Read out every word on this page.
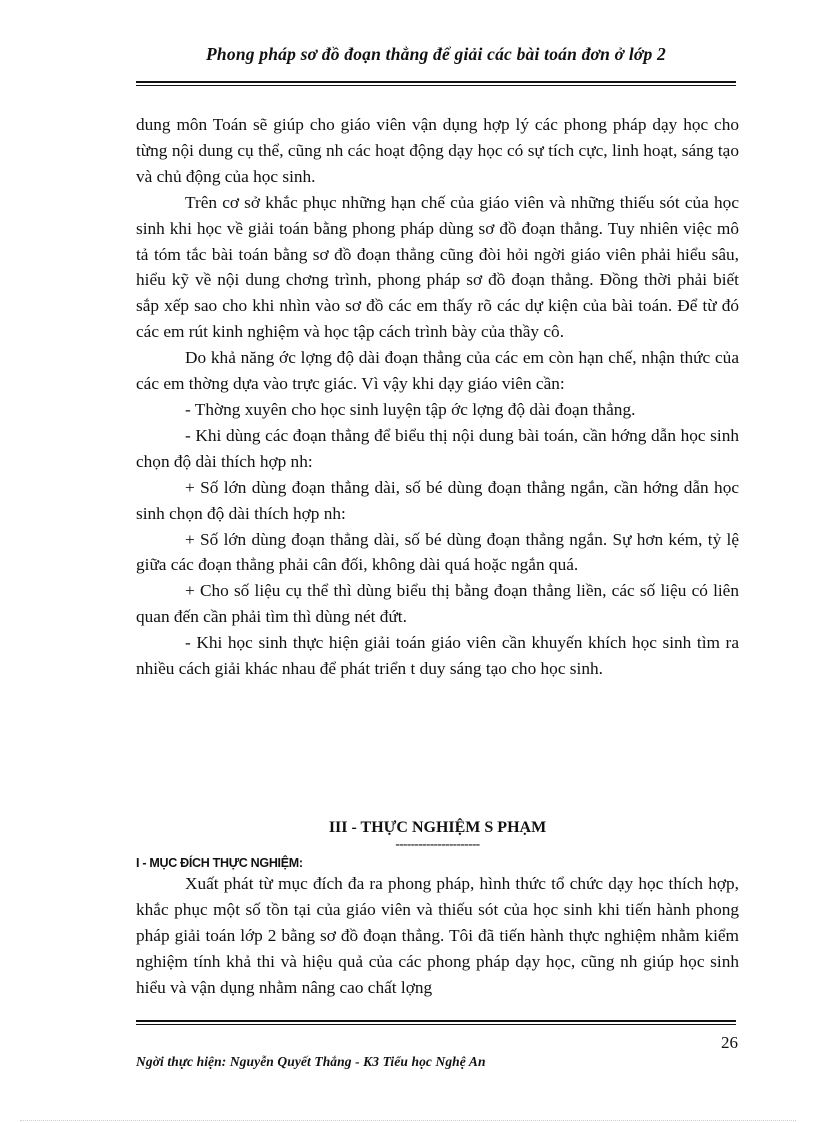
Phong pháp sơ đồ đoạn thẳng để giải các bài toán đơn ở lớp 2

dung môn Toán sẽ giúp cho giáo viên vận dụng hợp lý các phong pháp dạy học cho từng nội dung cụ thể, cũng nh các hoạt động dạy học có sự tích cực, linh hoạt, sáng tạo và chủ động của học sinh.

Trên cơ sở khắc phục những hạn chế của giáo viên và những thiếu sót của học sinh khi học về giải toán bằng phong pháp dùng sơ đồ đoạn thẳng. Tuy nhiên việc mô tả tóm tắc bài toán bằng sơ đồ đoạn thẳng cũng đòi hỏi ngời giáo viên phải hiểu sâu, hiểu kỹ về nội dung chơng trình, phong pháp sơ đồ đoạn thẳng. Đồng thời phải biết sắp xếp sao cho khi nhìn vào sơ đồ các em thấy rõ các dự kiện của bài toán. Để từ đó các em rút kinh nghiệm và học tập cách trình bày của thầy cô.

Do khả năng ớc lợng độ dài đoạn thẳng của các em còn hạn chế, nhận thức của các em thờng dựa vào trực giác. Vì vậy khi dạy giáo viên cần:

- Thờng xuyên cho học sinh luyện tập ớc lợng độ dài đoạn thẳng.

- Khi dùng các đoạn thẳng để biểu thị nội dung bài toán, cần hớng dẫn học sinh chọn độ dài thích hợp nh:

+ Số lớn dùng đoạn thẳng dài, số bé dùng đoạn thẳng ngắn, cần hớng dẫn học sinh chọn độ dài thích hợp nh:

+ Số lớn dùng đoạn thẳng dài, số bé dùng đoạn thẳng ngắn. Sự hơn kém, tỷ lệ giữa các đoạn thẳng phải cân đối, không dài quá hoặc ngắn quá.

+ Cho số liệu cụ thể thì dùng biểu thị bằng đoạn thẳng liền, các số liệu có liên quan đến cần phải tìm thì dùng nét đứt.

- Khi học sinh thực hiện giải toán giáo viên cần khuyến khích học sinh tìm ra nhiều cách giải khác nhau để phát triển t duy sáng tạo cho học sinh.

III - THỰC NGHIỆM S PHẠM

----------------------

I - MỤC ĐÍCH THỰC NGHIỆM:

Xuất phát từ mục đích đa ra phong pháp, hình thức tổ chức dạy học thích hợp, khắc phục một số tồn tại của giáo viên và thiếu sót của học sinh khi tiến hành phong pháp giải toán lớp 2 bằng sơ đồ đoạn thẳng. Tôi đã tiến hành thực nghiệm nhằm kiểm nghiệm tính khả thi và hiệu quả của các phong pháp dạy học, cũng nh giúp học sinh hiểu và vận dụng nhằm nâng cao chất lợng

26
Ngời thực hiện: Nguyễn Quyết Thắng - K3 Tiểu học Nghệ An
